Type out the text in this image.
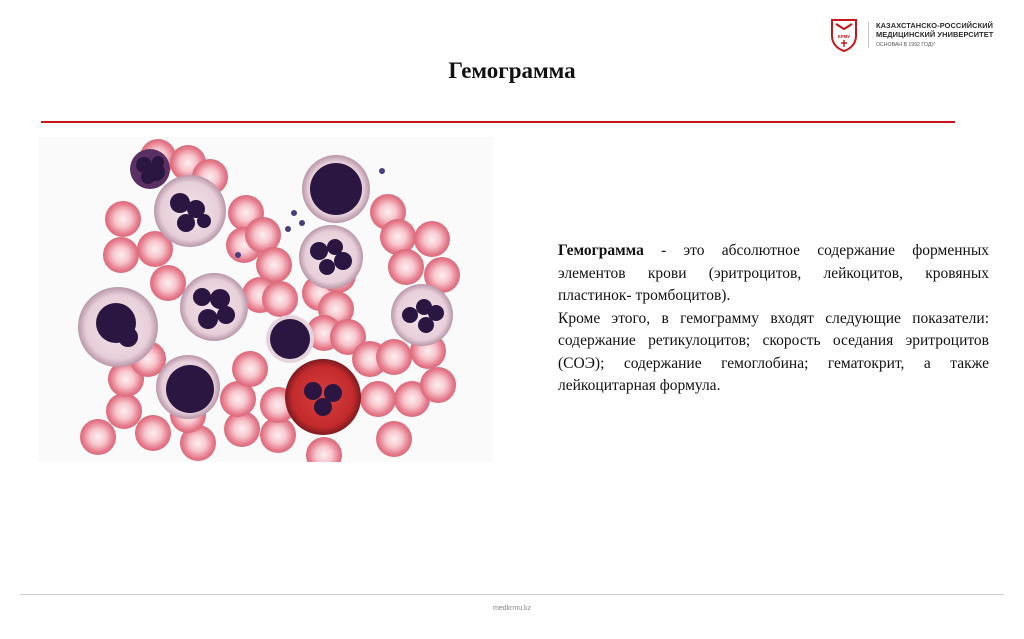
КРМУ
КАЗАХСТАНСКО-РОССИЙСКИЙ
МЕДИЦИНСКИЙ УНИВЕРСИТЕТ
ОСНОВАН В 1992 ГОДУ
Гемограмма

Гемограмма - это абсолютное содержание форменных элементов крови (эритроцитов, лейкоцитов, кровяных пластинок- тромбоцитов).

Кроме этого, в гемограмму входят следующие показатели: содержание ретикулоцитов; скорость оседания эритроцитов (СОЭ); содержание гемоглобина; гематокрит, а также лейкоцитарная формула.

medkrmu.kz
